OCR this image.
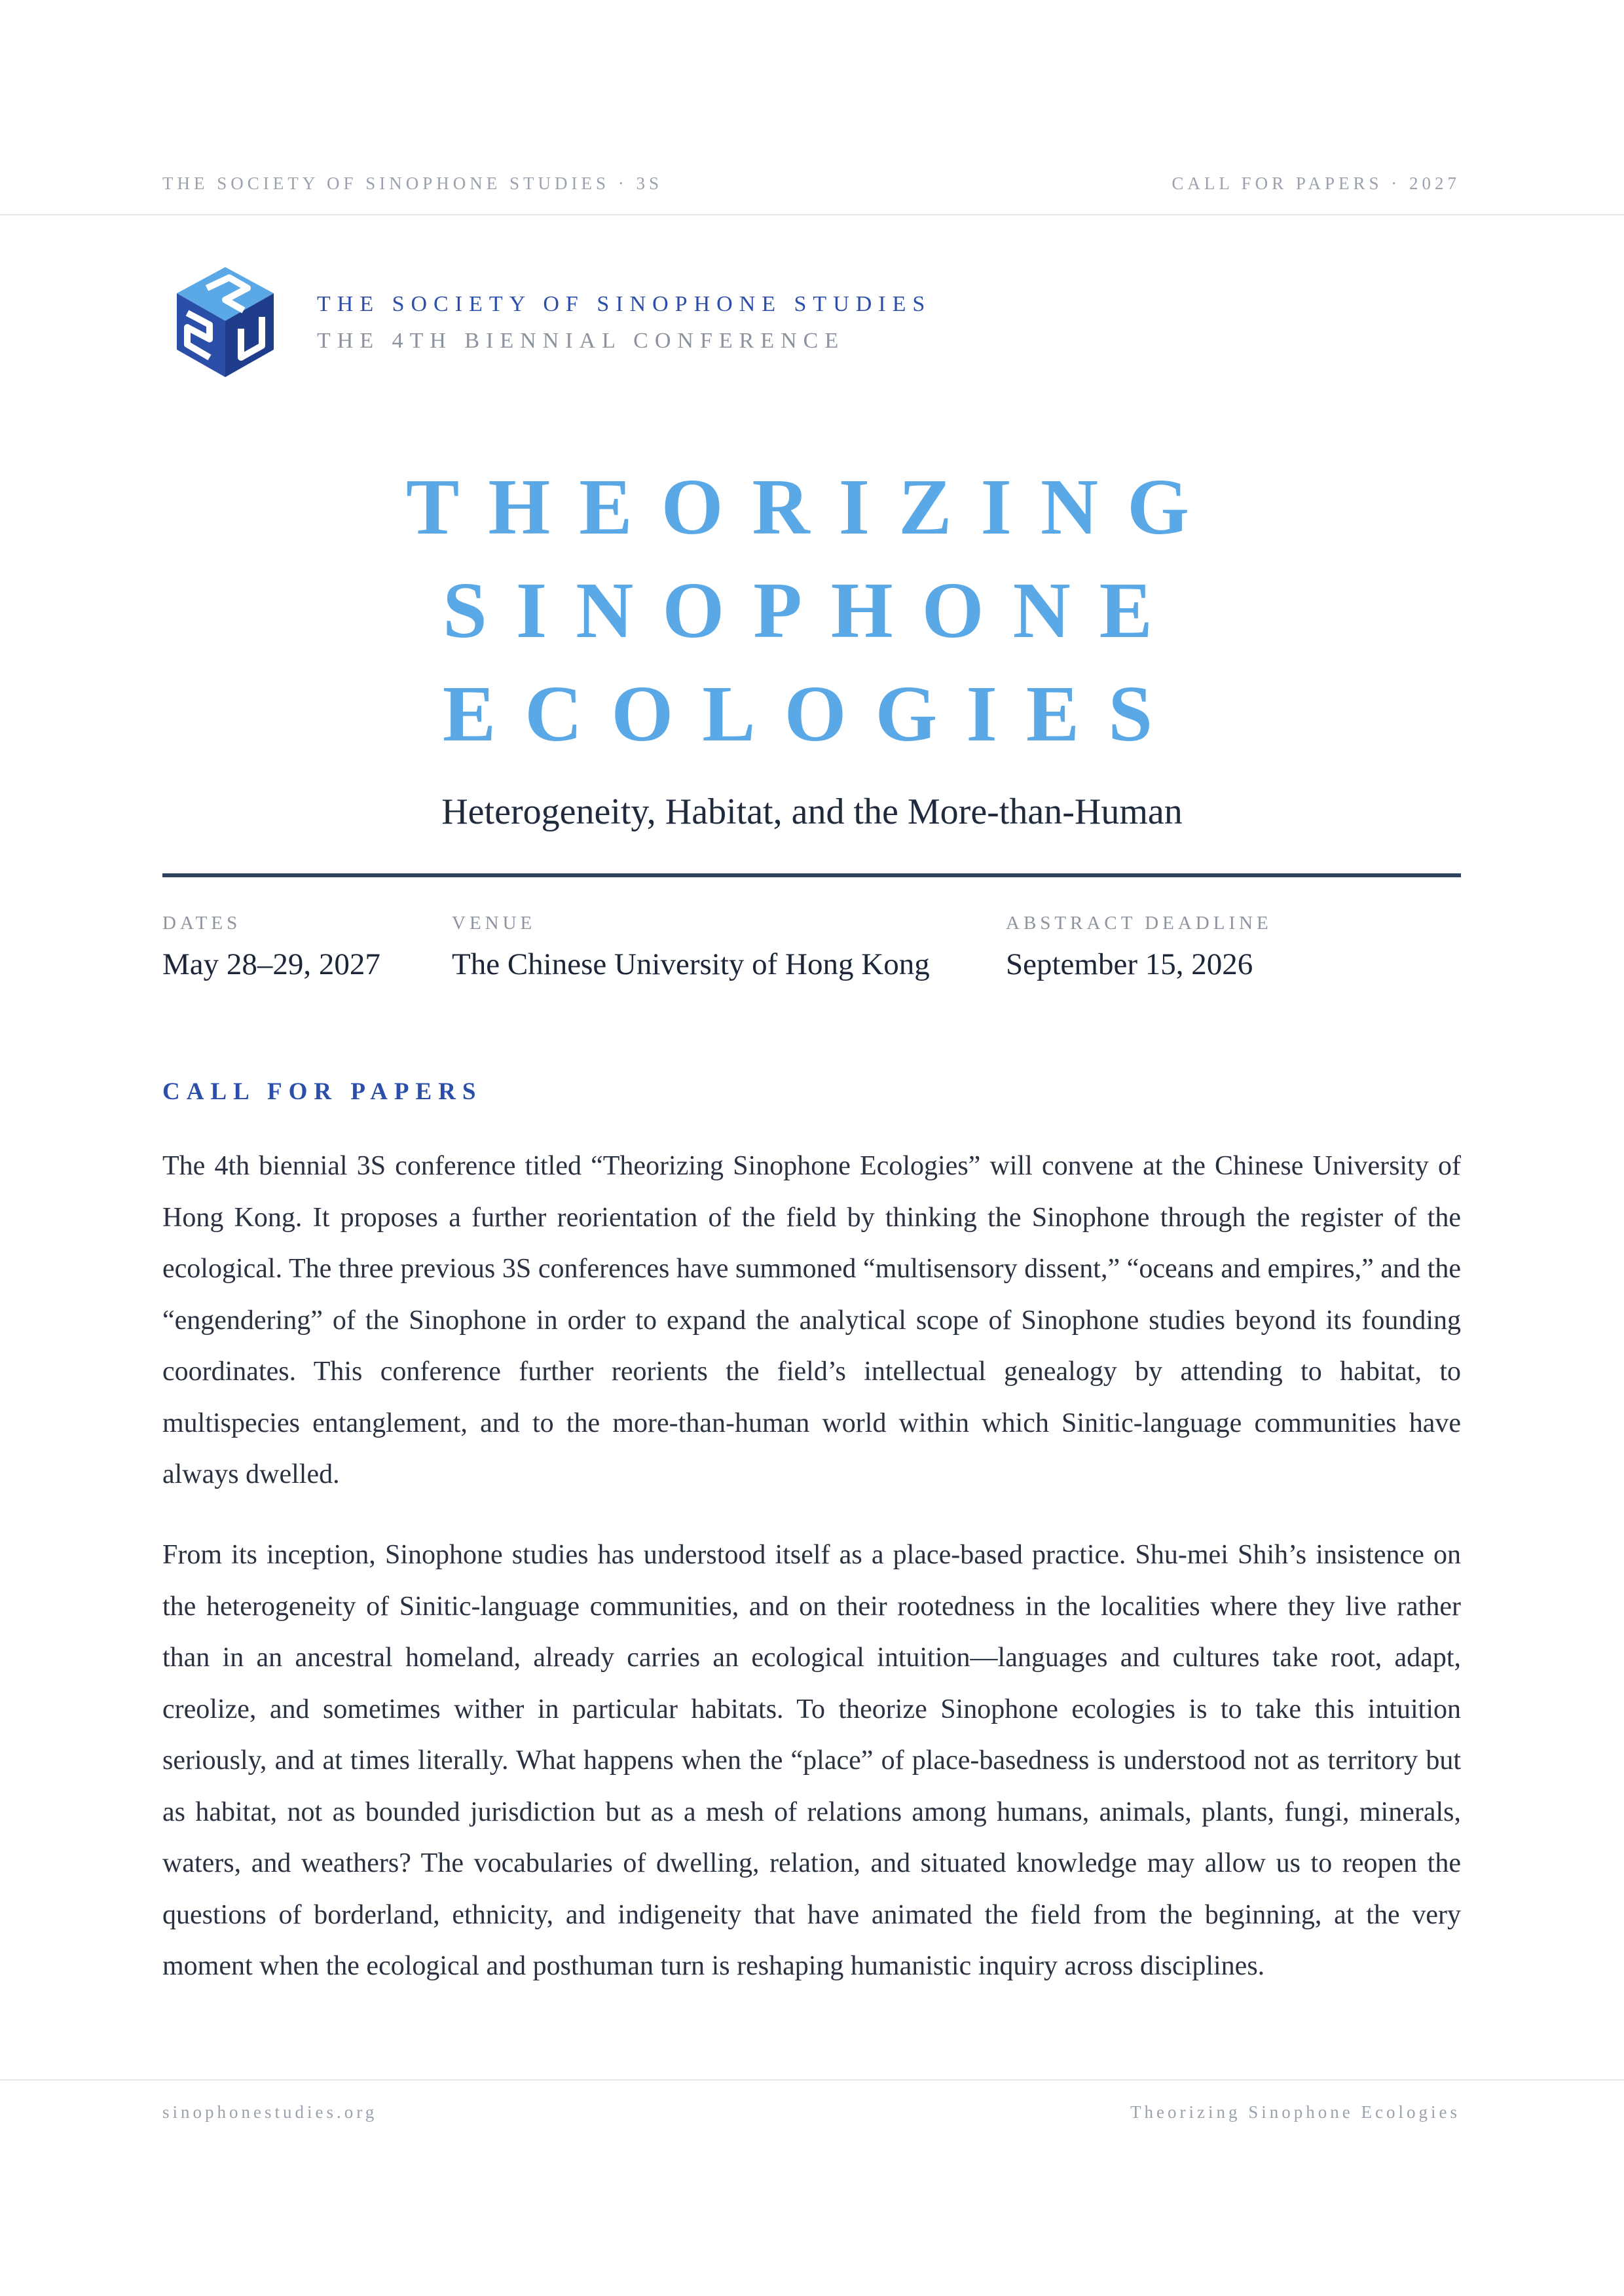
THE SOCIETY OF SINOPHONE STUDIES · 3S	CALL FOR PAPERS · 2027
THE SOCIETY OF SINOPHONE STUDIES
THE 4TH BIENNIAL CONFERENCE
THEORIZING
SINOPHONE
ECOLOGIES
Heterogeneity, Habitat, and the More-than-Human
DATES
May 28–29, 2027
VENUE
The Chinese University of Hong Kong
ABSTRACT DEADLINE
September 15, 2026
CALL FOR PAPERS

The 4th biennial 3S conference titled “Theorizing Sinophone Ecologies” will convene at the Chinese University of Hong Kong. It proposes a further reorientation of the field by thinking the Sinophone through the register of the ecological. The three previous 3S conferences have summoned “multisensory dissent,” “oceans and empires,” and the “engendering” of the Sinophone in order to expand the analytical scope of Sinophone studies beyond its founding coordinates. This conference further reorients the field’s intellectual genealogy by attending to habitat, to multispecies entanglement, and to the more-than-human world within which Sinitic-language communities have always dwelled.

From its inception, Sinophone studies has understood itself as a place-based practice. Shu-mei Shih’s insistence on the heterogeneity of Sinitic-language communities, and on their rootedness in the localities where they live rather than in an ancestral homeland, already carries an ecological intuition—languages and cultures take root, adapt, creolize, and sometimes wither in particular habitats. To theorize Sinophone ecologies is to take this intuition seriously, and at times literally. What happens when the “place” of place-basedness is understood not as territory but as habitat, not as bounded jurisdiction but as a mesh of relations among humans, animals, plants, fungi, minerals, waters, and weathers? The vocabularies of dwelling, relation, and situated knowledge may allow us to reopen the questions of borderland, ethnicity, and indigeneity that have animated the field from the beginning, at the very moment when the ecological and posthuman turn is reshaping humanistic inquiry across disciplines.

sinophonestudies.org	Theorizing Sinophone Ecologies
